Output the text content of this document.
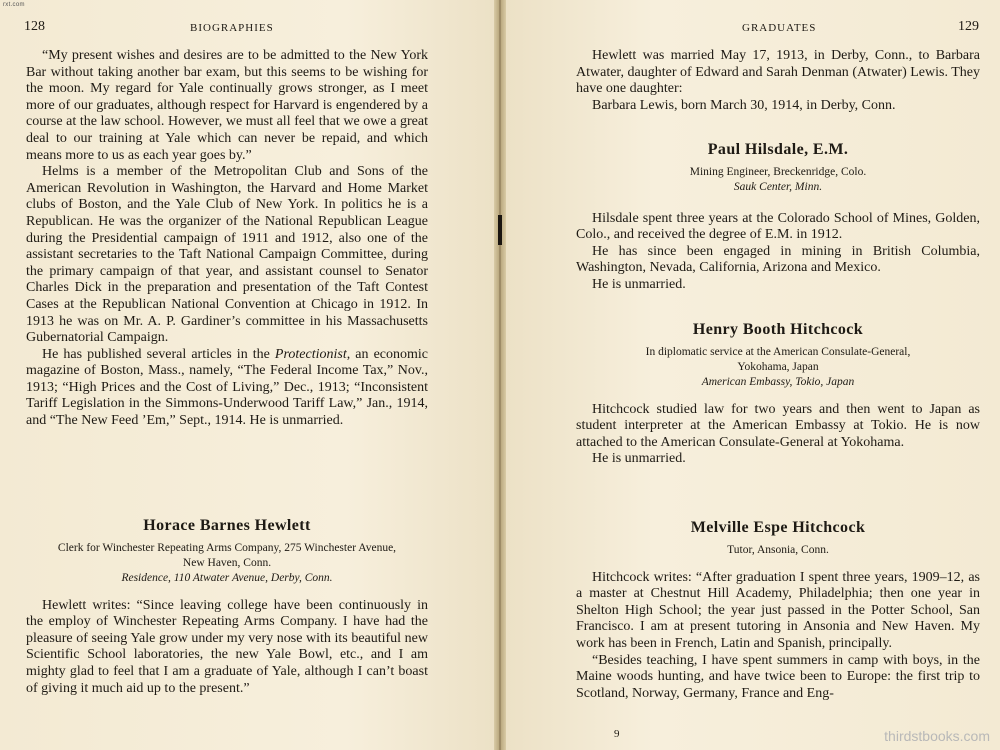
rxt.com
128	BIOGRAPHIES

“My present wishes and desires are to be admitted to the New York Bar without taking another bar exam, but this seems to be wishing for the moon. My regard for Yale continually grows stronger, as I meet more of our graduates, although respect for Harvard is engendered by a course at the law school. However, we must all feel that we owe a great deal to our training at Yale which can never be repaid, and which means more to us as each year goes by.”

Helms is a member of the Metropolitan Club and Sons of the American Revolution in Washington, the Harvard and Home Market clubs of Boston, and the Yale Club of New York. In politics he is a Republican. He was the organizer of the National Republican League during the Presidential campaign of 1911 and 1912, also one of the assistant secretaries to the Taft National Campaign Committee, during the primary campaign of that year, and assistant counsel to Senator Charles Dick in the preparation and presentation of the Taft Contest Cases at the Republican National Convention at Chicago in 1912. In 1913 he was on Mr. A. P. Gardiner’s committee in his Massachusetts Gubernatorial Campaign.

He has published several articles in the Protectionist, an economic magazine of Boston, Mass., namely, “The Federal Income Tax,” Nov., 1913; “High Prices and the Cost of Living,” Dec., 1913; “Inconsistent Tariff Legislation in the Simmons-Underwood Tariff Law,” Jan., 1914, and “The New Feed ’Em,” Sept., 1914. He is unmarried.

Horace Barnes Hewlett

Clerk for Winchester Repeating Arms Company, 275 Winchester Avenue,

New Haven, Conn.

Residence, 110 Atwater Avenue, Derby, Conn.

Hewlett writes: “Since leaving college have been continuously in the employ of Winchester Repeating Arms Company. I have had the pleasure of seeing Yale grow under my very nose with its beautiful new Scientific School laboratories, the new Yale Bowl, etc., and I am mighty glad to feel that I am a graduate of Yale, although I can’t boast of giving it much aid up to the present.”

GRADUATES	129

Hewlett was married May 17, 1913, in Derby, Conn., to Barbara Atwater, daughter of Edward and Sarah Denman (Atwater) Lewis. They have one daughter:

Barbara Lewis, born March 30, 1914, in Derby, Conn.

Paul Hilsdale, E.M.

Mining Engineer, Breckenridge, Colo.

Sauk Center, Minn.

Hilsdale spent three years at the Colorado School of Mines, Golden, Colo., and received the degree of E.M. in 1912.

He has since been engaged in mining in British Columbia, Washington, Nevada, California, Arizona and Mexico.

He is unmarried.

Henry Booth Hitchcock

In diplomatic service at the American Consulate-General,

Yokohama, Japan

American Embassy, Tokio, Japan

Hitchcock studied law for two years and then went to Japan as student interpreter at the American Embassy at Tokio. He is now attached to the American Consulate-General at Yokohama.

He is unmarried.

Melville Espe Hitchcock

Tutor, Ansonia, Conn.

Hitchcock writes: “After graduation I spent three years, 1909–12, as a master at Chestnut Hill Academy, Philadelphia; then one year in Shelton High School; the year just passed in the Potter School, San Francisco. I am at present tutoring in Ansonia and New Haven. My work has been in French, Latin and Spanish, principally.

“Besides teaching, I have spent summers in camp with boys, in the Maine woods hunting, and have twice been to Europe: the first trip to Scotland, Norway, Germany, France and Eng-

9	thirdstbooks.com
